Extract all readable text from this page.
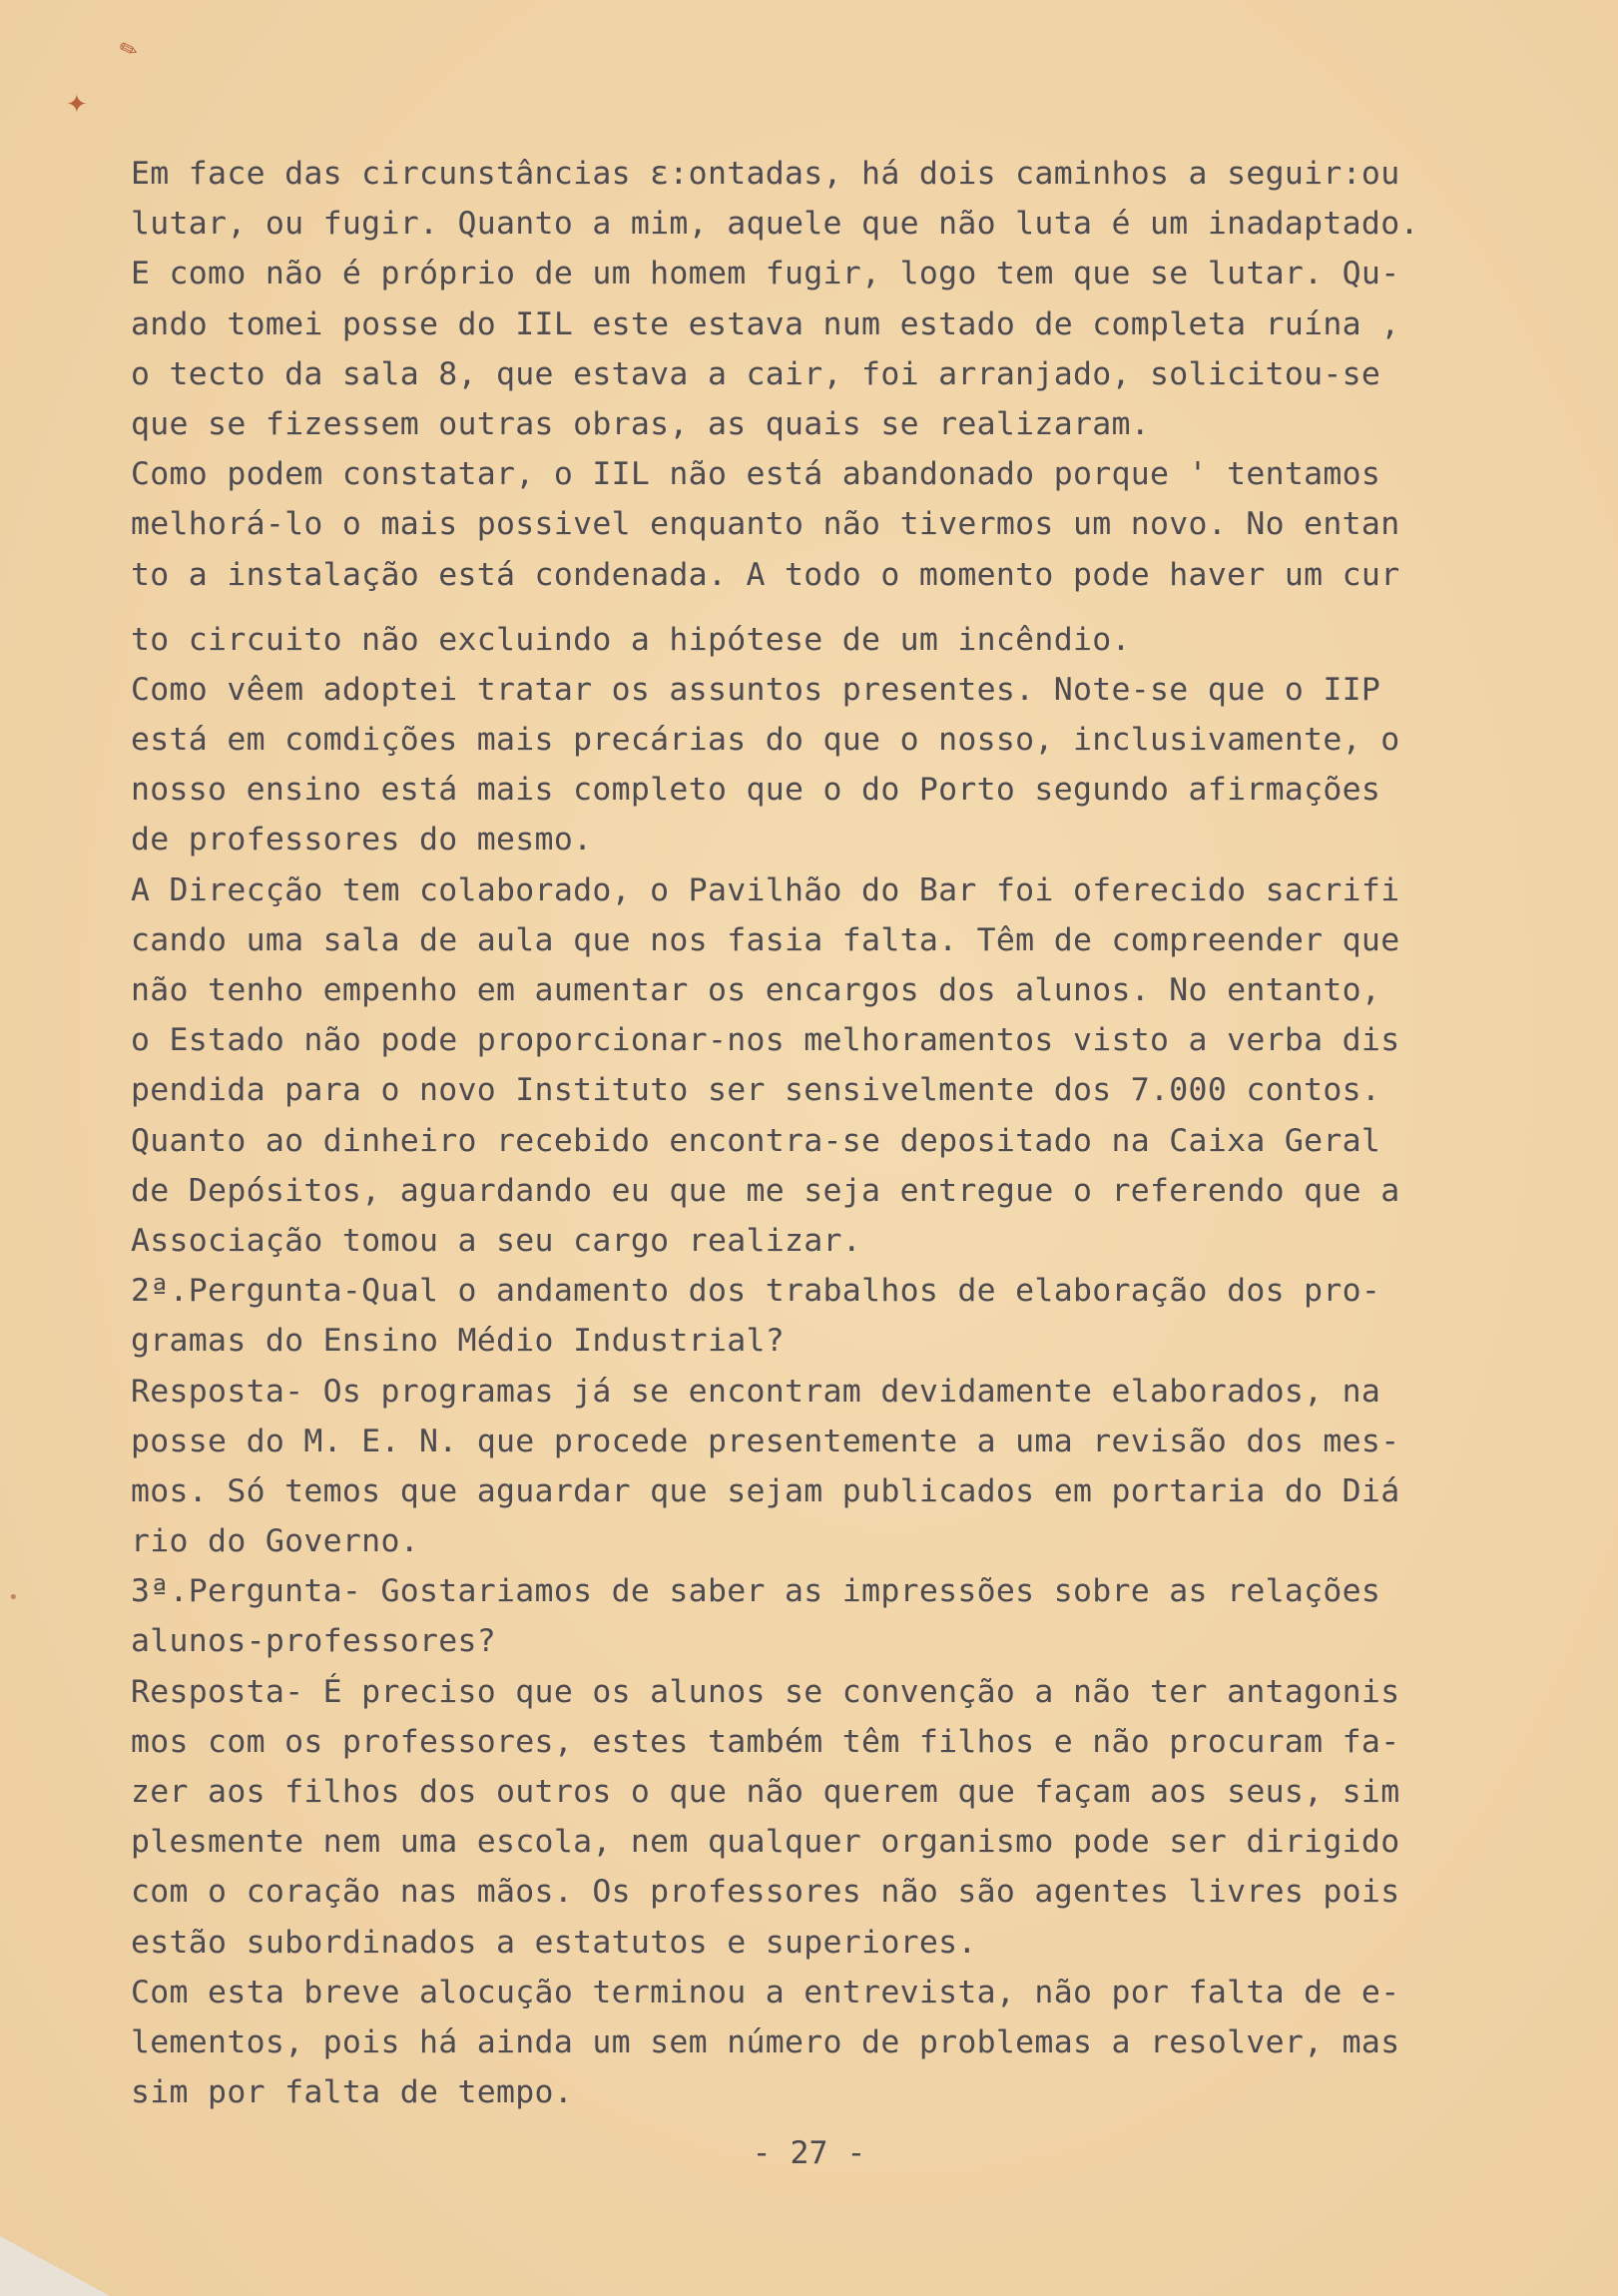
✎
✦
•
Em face das circunstâncias ε:ontadas, há dois caminhos a seguir:ou
lutar, ou fugir. Quanto a mim, aquele que não luta é um inadaptado.
E como não é próprio de um homem fugir, logo tem que se lutar. Qu-
ando tomei posse do IIL este estava num estado de completa ruína ,
o tecto da sala 8, que estava a cair, foi arranjado, solicitou-se
que se fizessem outras obras, as quais se realizaram.
Como podem constatar, o IIL não está abandonado porque ' tentamos
melhorá-lo o mais possivel enquanto não tivermos um novo. No entan
to a instalação está condenada. A todo o momento pode haver um cur
to circuito não excluindo a hipótese de um incêndio.
Como vêem adoptei tratar os assuntos presentes. Note-se que o IIP
está em comdições mais precárias do que o nosso, inclusivamente, o
nosso ensino está mais completo que o do Porto segundo afirmações
de professores do mesmo.
A Direcção tem colaborado, o Pavilhão do Bar foi oferecido sacrifi
cando uma sala de aula que nos fasia falta. Têm de compreender que
não tenho empenho em aumentar os encargos dos alunos. No entanto,
o Estado não pode proporcionar-nos melhoramentos visto a verba dis
pendida para o novo Instituto ser sensivelmente dos 7.000 contos.
Quanto ao dinheiro recebido encontra-se depositado na Caixa Geral
de Depósitos, aguardando eu que me seja entregue o referendo que a
Associação tomou a seu cargo realizar.
2ª.Pergunta-Qual o andamento dos trabalhos de elaboração dos pro-
gramas do Ensino Médio Industrial?
Resposta- Os programas já se encontram devidamente elaborados, na
posse do M. E. N. que procede presentemente a uma revisão dos mes-
mos. Só temos que aguardar que sejam publicados em portaria do Diá
rio do Governo.
3ª.Pergunta- Gostariamos de saber as impressões sobre as relações
alunos-professores?
Resposta- É preciso que os alunos se convenção a não ter antagonis
mos com os professores, estes também têm filhos e não procuram fa-
zer aos filhos dos outros o que não querem que façam aos seus, sim
plesmente nem uma escola, nem qualquer organismo pode ser dirigido
com o coração nas mãos. Os professores não são agentes livres pois
estão subordinados a estatutos e superiores.
Com esta breve alocução terminou a entrevista, não por falta de e-
lementos, pois há ainda um sem número de problemas a resolver, mas
sim por falta de tempo.
- 27 -
